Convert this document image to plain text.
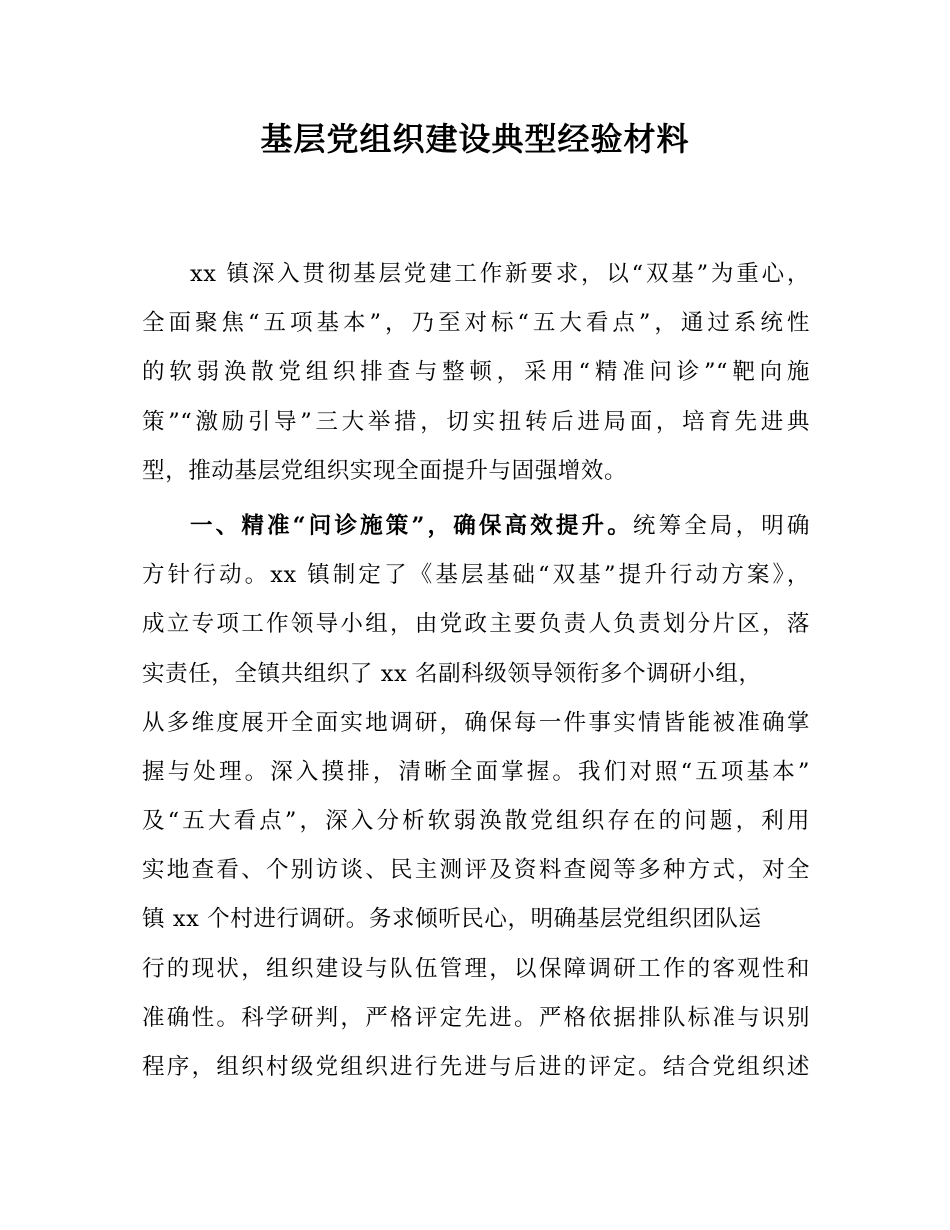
基层党组织建设典型经验材料
xx 镇深入贯彻基层党建工作新要求，以“双基”为重心，
全面聚焦“五项基本”，乃至对标“五大看点”，通过系统性
的软弱涣散党组织排查与整顿，采用“精准问诊”“靶向施
策”“激励引导”三大举措，切实扭转后进局面，培育先进典
型，推动基层党组织实现全面提升与固强增效。
一、精准“问诊施策”，确保高效提升。统筹全局，明确
方针行动。xx 镇制定了《基层基础“双基”提升行动方案》，
成立专项工作领导小组，由党政主要负责人负责划分片区，落
实责任，全镇共组织了 xx 名副科级领导领衔多个调研小组，
从多维度展开全面实地调研，确保每一件事实情皆能被准确掌
握与处理。深入摸排，清晰全面掌握。我们对照“五项基本”
及“五大看点”，深入分析软弱涣散党组织存在的问题，利用
实地查看、个别访谈、民主测评及资料查阅等多种方式，对全
镇 xx 个村进行调研。务求倾听民心，明确基层党组织团队运
行的现状，组织建设与队伍管理，以保障调研工作的客观性和
准确性。科学研判，严格评定先进。严格依据排队标准与识别
程序，组织村级党组织进行先进与后进的评定。结合党组织述
